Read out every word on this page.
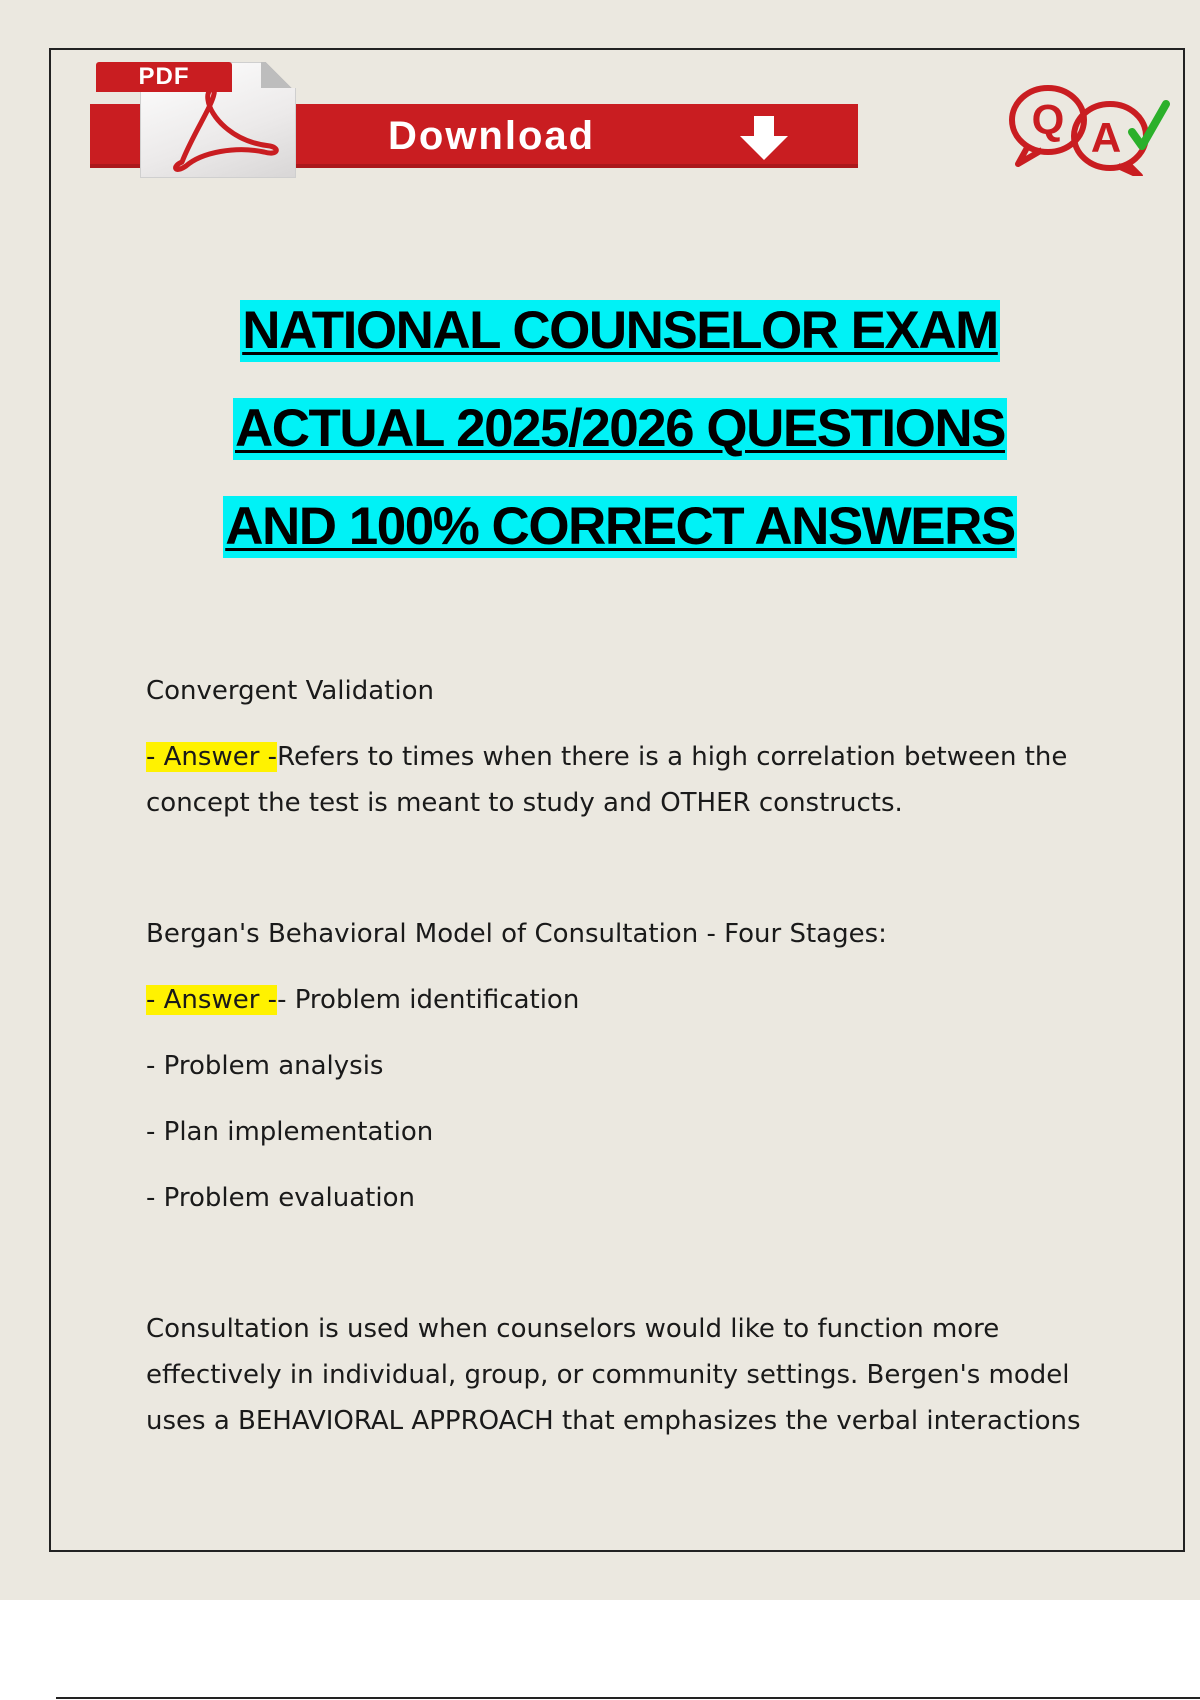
PDF
Download	Q A
NATIONAL COUNSELOR EXAM
ACTUAL 2025/2026 QUESTIONS
AND 100% CORRECT ANSWERS
Convergent Validation
- Answer -Refers to times when there is a high correlation between the
concept the test is meant to study and OTHER constructs.
Bergan's Behavioral Model of Consultation - Four Stages:
- Answer -- Problem identification
- Problem analysis
- Plan implementation
- Problem evaluation
Consultation is used when counselors would like to function more
effectively in individual, group, or community settings. Bergen's model
uses a BEHAVIORAL APPROACH that emphasizes the verbal interactions
